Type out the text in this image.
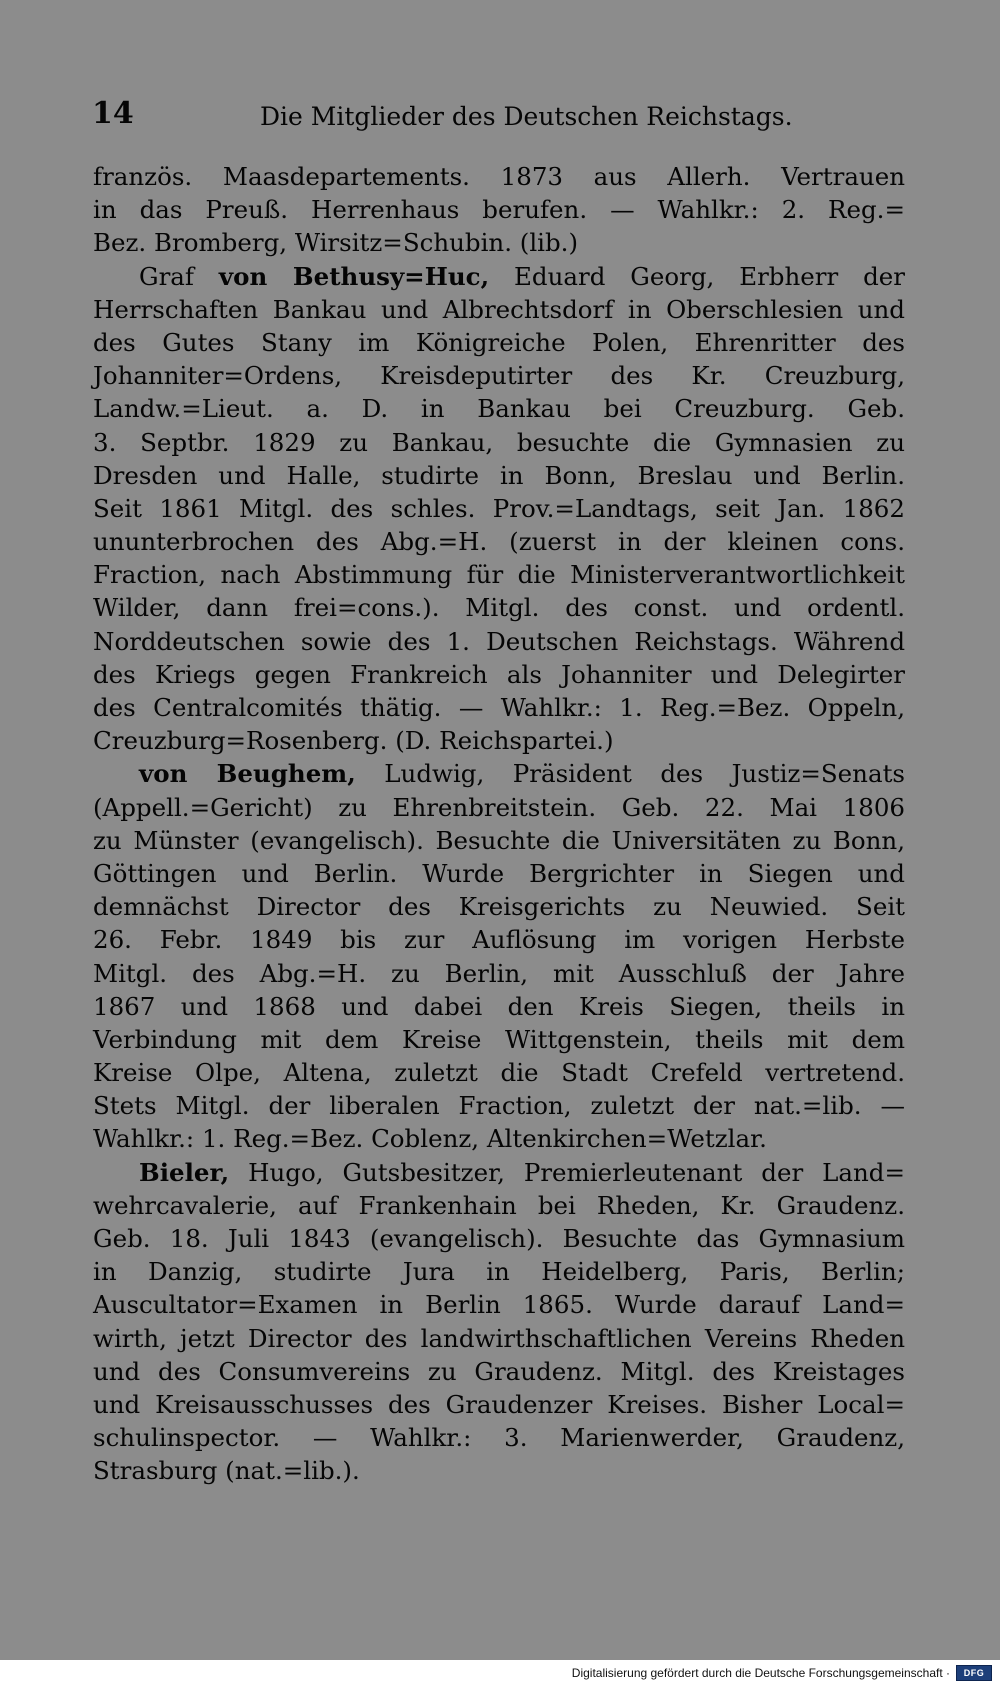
14	Die Mitglieder des Deutschen Reichstags.
französ. Maasdepartements. 1873 aus Allerh. Vertrauen
in das Preuß. Herrenhaus berufen. — Wahlkr.: 2. Reg.=
Bez. Bromberg, Wirsitz=Schubin. (lib.)
Graf von Bethusy=Huc, Eduard Georg, Erbherr der
Herrschaften Bankau und Albrechtsdorf in Oberschlesien und
des Gutes Stany im Königreiche Polen, Ehrenritter des
Johanniter=Ordens, Kreisdeputirter des Kr. Creuzburg,
Landw.=Lieut. a. D. in Bankau bei Creuzburg. Geb.
3. Septbr. 1829 zu Bankau, besuchte die Gymnasien zu
Dresden und Halle, studirte in Bonn, Breslau und Berlin.
Seit 1861 Mitgl. des schles. Prov.=Landtags, seit Jan. 1862
ununterbrochen des Abg.=H. (zuerst in der kleinen cons.
Fraction, nach Abstimmung für die Ministerverantwortlichkeit
Wilder, dann frei=cons.). Mitgl. des const. und ordentl.
Norddeutschen sowie des 1. Deutschen Reichstags. Während
des Kriegs gegen Frankreich als Johanniter und Delegirter
des Centralcomités thätig. — Wahlkr.: 1. Reg.=Bez. Oppeln,
Creuzburg=Rosenberg. (D. Reichspartei.)
von Beughem, Ludwig, Präsident des Justiz=Senats
(Appell.=Gericht) zu Ehrenbreitstein. Geb. 22. Mai 1806
zu Münster (evangelisch). Besuchte die Universitäten zu Bonn,
Göttingen und Berlin. Wurde Bergrichter in Siegen und
demnächst Director des Kreisgerichts zu Neuwied. Seit
26. Febr. 1849 bis zur Auflösung im vorigen Herbste
Mitgl. des Abg.=H. zu Berlin, mit Ausschluß der Jahre
1867 und 1868 und dabei den Kreis Siegen, theils in
Verbindung mit dem Kreise Wittgenstein, theils mit dem
Kreise Olpe, Altena, zuletzt die Stadt Crefeld vertretend.
Stets Mitgl. der liberalen Fraction, zuletzt der nat.=lib. —
Wahlkr.: 1. Reg.=Bez. Coblenz, Altenkirchen=Wetzlar.
Bieler, Hugo, Gutsbesitzer, Premierleutenant der Land=
wehrcavalerie, auf Frankenhain bei Rheden, Kr. Graudenz.
Geb. 18. Juli 1843 (evangelisch). Besuchte das Gymnasium
in Danzig, studirte Jura in Heidelberg, Paris, Berlin;
Auscultator=Examen in Berlin 1865. Wurde darauf Land=
wirth, jetzt Director des landwirthschaftlichen Vereins Rheden
und des Consumvereins zu Graudenz. Mitgl. des Kreistages
und Kreisausschusses des Graudenzer Kreises. Bisher Local=
schulinspector. — Wahlkr.: 3. Marienwerder, Graudenz,
Strasburg (nat.=lib.).
Digitalisierung gefördert durch die Deutsche Forschungsgemeinschaft · DFG
